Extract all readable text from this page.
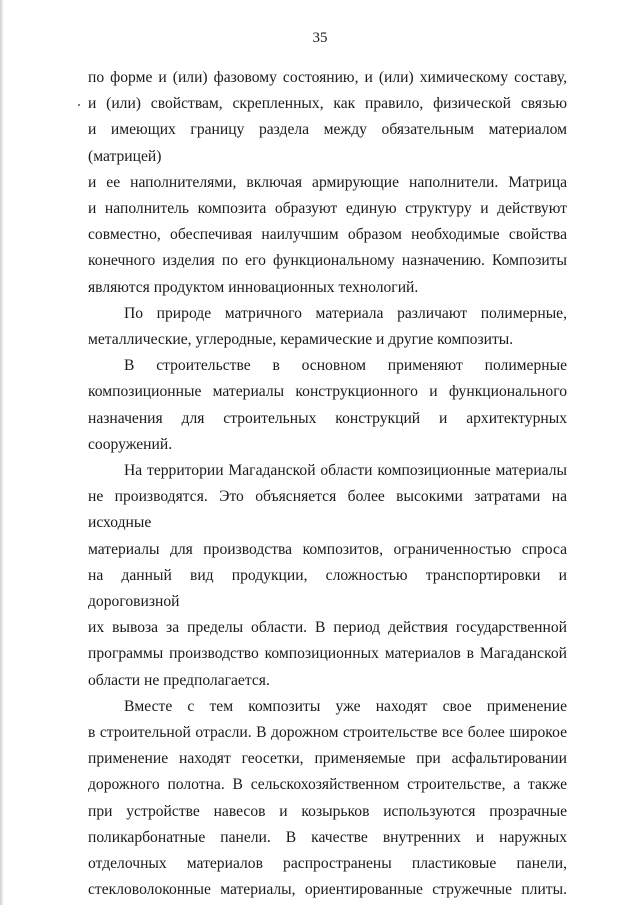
35

по форме и (или) фазовому состоянию, и (или) химическому составу,

и (или) свойствам, скрепленных, как правило, физической связью

и имеющих границу раздела между обязательным материалом (матрицей)

и ее наполнителями, включая армирующие наполнители. Матрица

и наполнитель композита образуют единую структуру и действуют

совместно, обеспечивая наилучшим образом необходимые свойства

конечного изделия по его функциональному назначению. Композиты

являются продуктом инновационных технологий.

По природе матричного материала различают полимерные,

металлические, углеродные, керамические и другие композиты.

В строительстве в основном применяют полимерные

композиционные материалы конструкционного и функционального

назначения для строительных конструкций и архитектурных сооружений.

На территории Магаданской области композиционные материалы

не производятся. Это объясняется более высокими затратами на исходные

материалы для производства композитов, ограниченностью спроса

на данный вид продукции, сложностью транспортировки и дороговизной

их вывоза за пределы области. В период действия государственной

программы производство композиционных материалов в Магаданской

области не предполагается.

Вместе с тем композиты уже находят свое применение

в строительной отрасли. В дорожном строительстве все более широкое

применение находят геосетки, применяемые при асфальтировании

дорожного полотна. В сельскохозяйственном строительстве, а также

при устройстве навесов и козырьков используются прозрачные

поликарбонатные панели. В качестве внутренних и наружных

отделочных материалов распространены пластиковые панели,

стекловолоконные материалы, ориентированные стружечные плиты.
